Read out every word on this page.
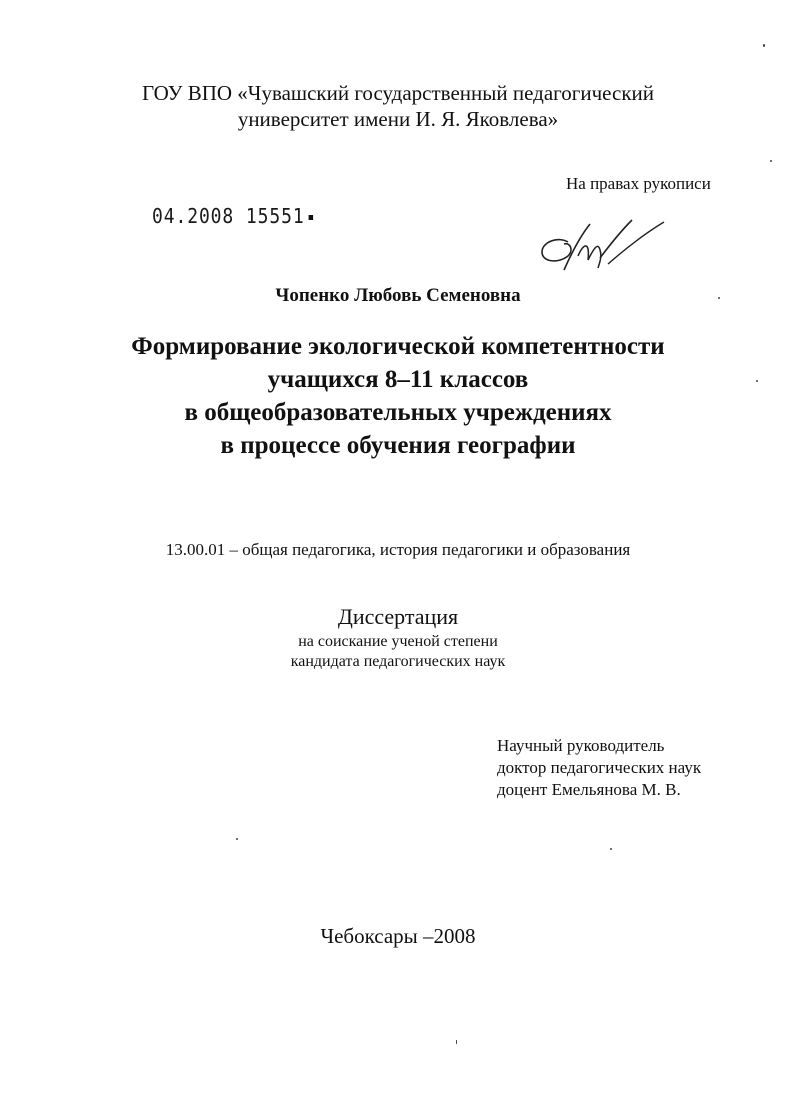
ГОУ ВПО «Чувашский государственный педагогический
университет имени И. Я. Яковлева»
На правах рукописи
04.2008 15551
Чопенко Любовь Семеновна
Формирование экологической компетентности
учащихся 8–11 классов
в общеобразовательных учреждениях
в процессе обучения географии
13.00.01 – общая педагогика, история педагогики и образования
Диссертация
на соискание ученой степени
кандидата педагогических наук
Научный руководитель
доктор педагогических наук
доцент Емельянова М. В.
Чебоксары –2008
